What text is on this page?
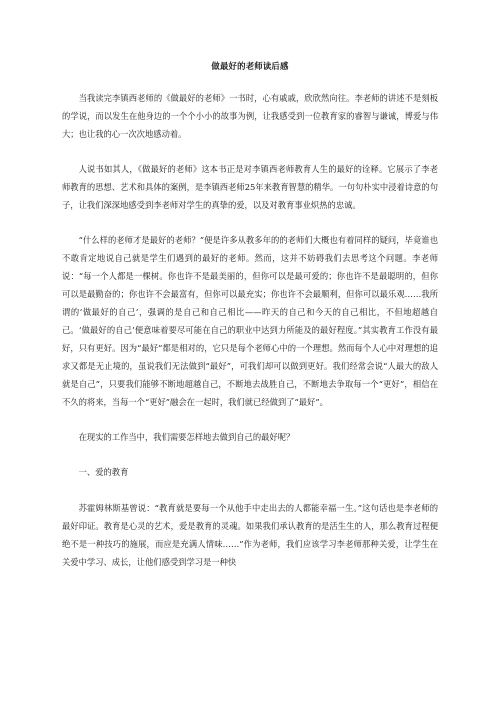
做最好的老师读后感

当我读完李镇西老师的《做最好的老师》一书时，心有戚戚，欣欣然向往。李老师的讲述不是刻板的学说，而以发生在他身边的一个个小小的故事为例，让我感受到一位教育家的睿智与谦诚，博爱与伟大；也让我的心一次次地感动着。

人说书如其人，《做最好的老师》这本书正是对李镇西老师教育人生的最好的诠释。它展示了李老师教育的思想、艺术和具体的案例，是李镇西老师25年来教育智慧的精华。一句句朴实中浸着诗意的句子，让我们深深地感受到李老师对学生的真挚的爱，以及对教育事业炽热的忠诚。

“什么样的老师才是最好的老师？”便是许多从教多年的的老师们大概也有着同样的疑问，毕竟谁也不敢肯定地说自己就是学生们遇到的最好的老师。然而，这并不妨碍我们去思考这个问题。李老师说：“每一个人都是一棵树。你也许不是最美丽的，但你可以是最可爱的；你也许不是最聪明的，但你可以是最勤奋的；你也许不会最富有，但你可以最充实；你也许不会最顺利，但你可以最乐观……我所谓的‘做最好的自己’，强调的是自己和自己相比——昨天的自己和今天的自己相比，不但地超越自己。‘做最好的自己’便意味着要尽可能在自己的职业中达到力所能及的最好程度。”其实教育工作没有最好，只有更好。因为“最好”都是相对的，它只是每个老师心中的一个理想。然而每个人心中对理想的追求又都是无止境的，虽说我们无法做到“最好”，可我们却可以做到更好。我们经常会说“人最大的敌人就是自己”，只要我们能够不断地超越自己，不断地去战胜自己，不断地去争取每一个“更好”，相信在不久的将来，当每一个“更好”融会在一起时，我们就已经做到了“最好”。

在现实的工作当中，我们需要怎样地去做到自己的最好呢？

一、爱的教育

苏霍姆林斯基曾说：“教育就是要每一个从他手中走出去的人都能幸福一生。”这句话也是李老师的最好印证。教育是心灵的艺术，爱是教育的灵魂。如果我们承认教育的是活生生的人，那么教育过程便绝不是一种技巧的施展，而应是充满人情味……”作为老师，我们应该学习李老师那种关爱，让学生在关爱中学习、成长，让他们感受到学习是一种快
